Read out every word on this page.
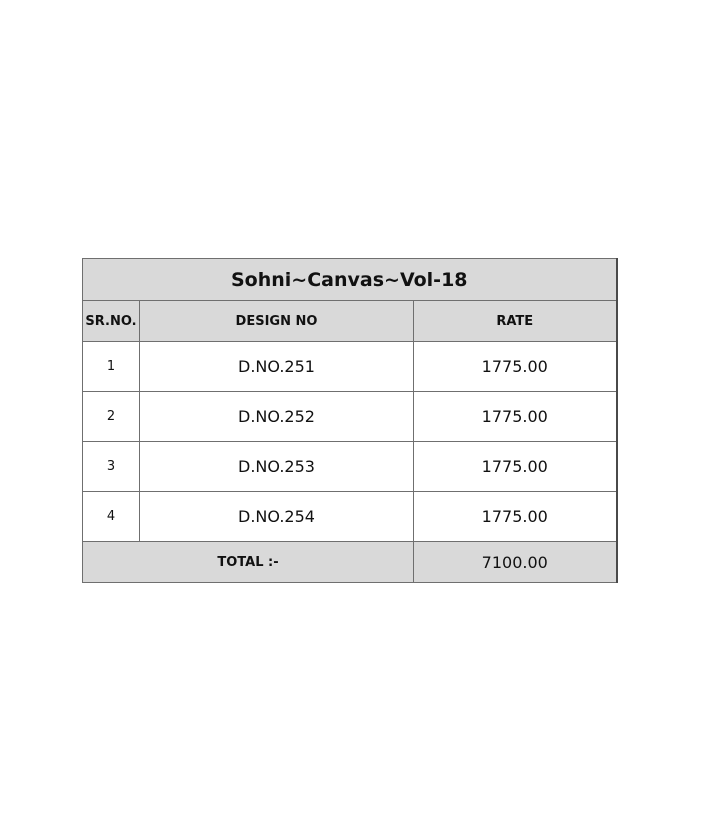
Sohni~Canvas~Vol-18		
SR.NO.	DESIGN NO	RATE
1	D.NO.251	1775.00
2	D.NO.252	1775.00
3	D.NO.253	1775.00
4	D.NO.254	1775.00
TOTAL :-		7100.00
